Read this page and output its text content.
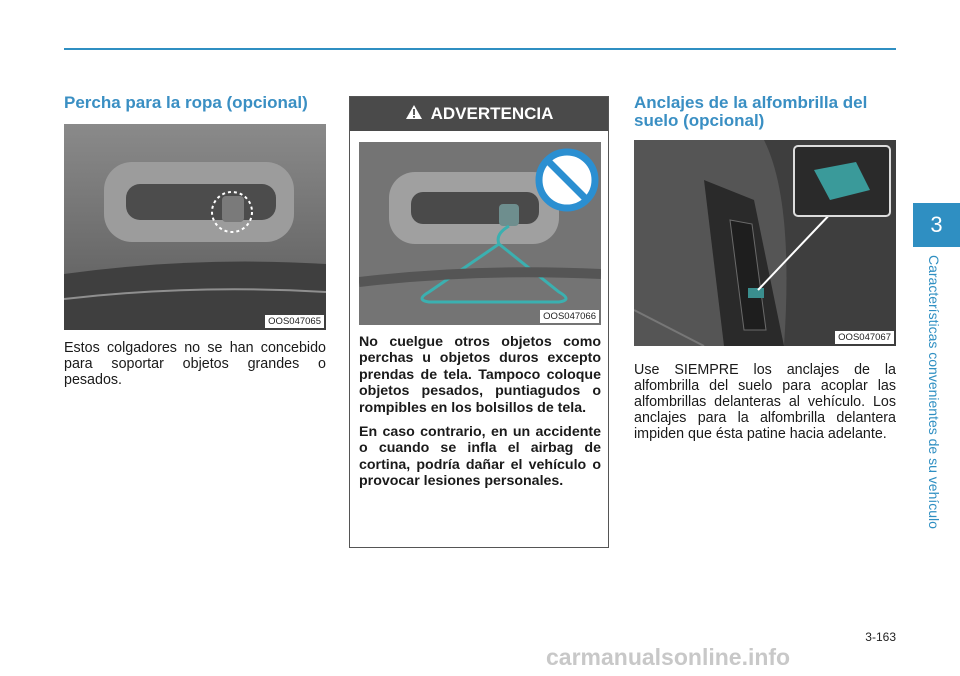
Percha para la ropa (opcional)
OOS047065

Estos colgadores no se han concebido para soportar objetos grandes o pesados.

ADVERTENCIA
OOS047066

No cuelgue otros objetos como perchas u objetos duros excepto prendas de tela. Tampoco coloque objetos pesados, puntiagudos o rompibles en los bolsillos de tela.

En caso contrario, en un accidente o cuando se infla el airbag de cortina, podría dañar el vehículo o provocar lesiones personales.

Anclajes de la alfombrilla del suelo (opcional)
OOS047067

Use SIEMPRE los anclajes de la alfombrilla del suelo para acoplar las alfombrillas delanteras al vehículo. Los anclajes para la alfombrilla delantera impiden que ésta patine hacia adelante.

3
Características convenientes de su vehículo
3-163
carmanualsonline.info
